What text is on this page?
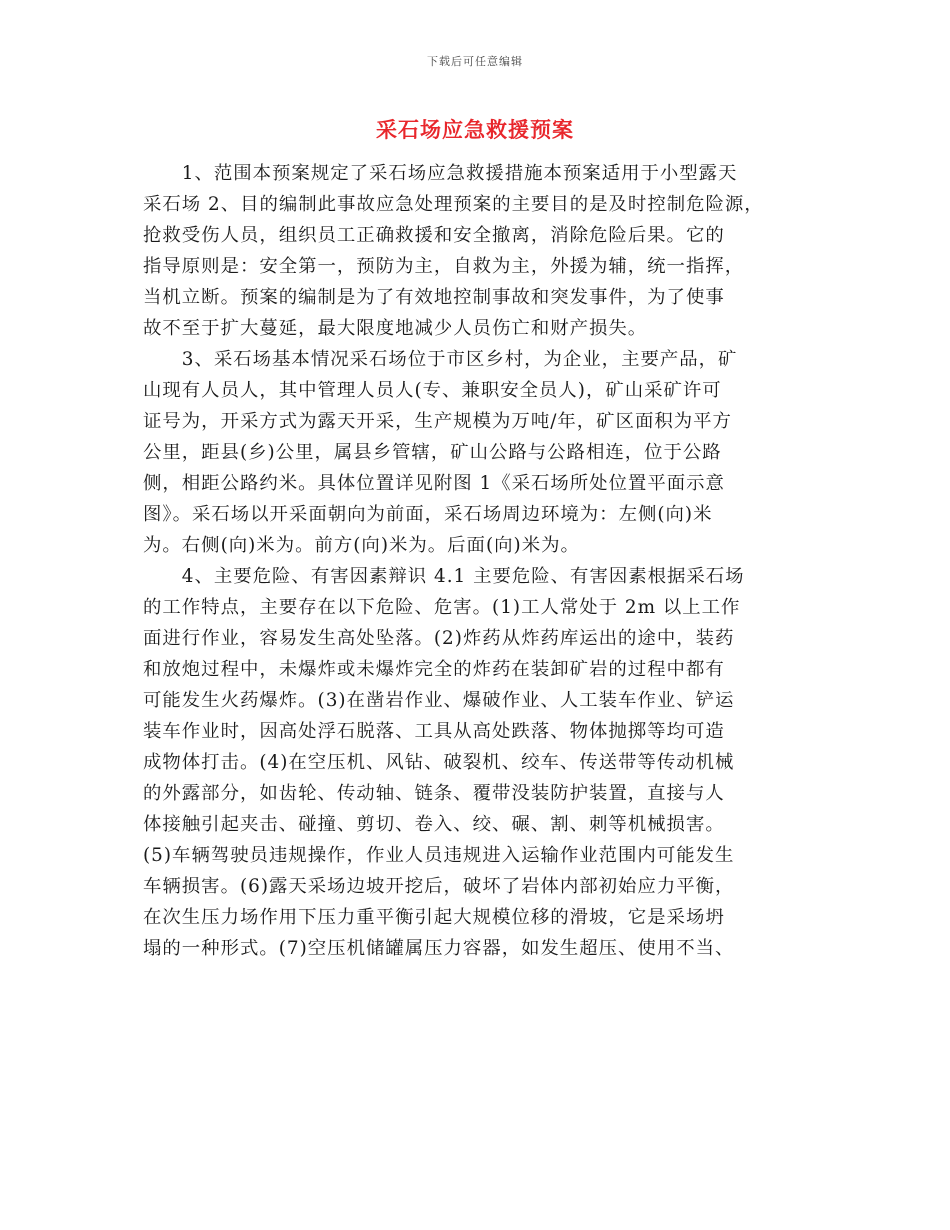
下载后可任意编辑
采石场应急救援预案
　　1、范围本预案规定了采石场应急救援措施本预案适用于小型露天
采石场 2、目的编制此事故应急处理预案的主要目的是及时控制危险源，
抢救受伤人员，组织员工正确救援和安全撤离，消除危险后果。它的
指导原则是：安全第一，预防为主，自救为主，外援为辅，统一指挥，
当机立断。预案的编制是为了有效地控制事故和突发事件，为了使事
故不至于扩大蔓延，最大限度地减少人员伤亡和财产损失。
　　3、采石场基本情况采石场位于市区乡村，为企业，主要产品，矿
山现有人员人，其中管理人员人(专、兼职安全员人)，矿山采矿许可
证号为，开采方式为露天开采，生产规模为万吨/年，矿区面积为平方
公里，距县(乡)公里，属县乡管辖，矿山公路与公路相连，位于公路
侧，相距公路约米。具体位置详见附图 1《采石场所处位置平面示意
图》。采石场以开采面朝向为前面，采石场周边环境为：左侧(向)米
为。右侧(向)米为。前方(向)米为。后面(向)米为。
　　4、主要危险、有害因素辩识 4.1 主要危险、有害因素根据采石场
的工作特点，主要存在以下危险、危害。(1)工人常处于 2m 以上工作
面进行作业，容易发生高处坠落。(2)炸药从炸药库运出的途中，装药
和放炮过程中，未爆炸或未爆炸完全的炸药在装卸矿岩的过程中都有
可能发生火药爆炸。(3)在凿岩作业、爆破作业、人工装车作业、铲运
装车作业时，因高处浮石脱落、工具从高处跌落、物体抛掷等均可造
成物体打击。(4)在空压机、风钻、破裂机、绞车、传送带等传动机械
的外露部分，如齿轮、传动轴、链条、覆带没装防护装置，直接与人
体接触引起夹击、碰撞、剪切、卷入、绞、碾、割、刺等机械损害。
(5)车辆驾驶员违规操作，作业人员违规进入运输作业范围内可能发生
车辆损害。(6)露天采场边坡开挖后，破坏了岩体内部初始应力平衡，
在次生压力场作用下压力重平衡引起大规模位移的滑坡，它是采场坍
塌的一种形式。(7)空压机储罐属压力容器，如发生超压、使用不当、
